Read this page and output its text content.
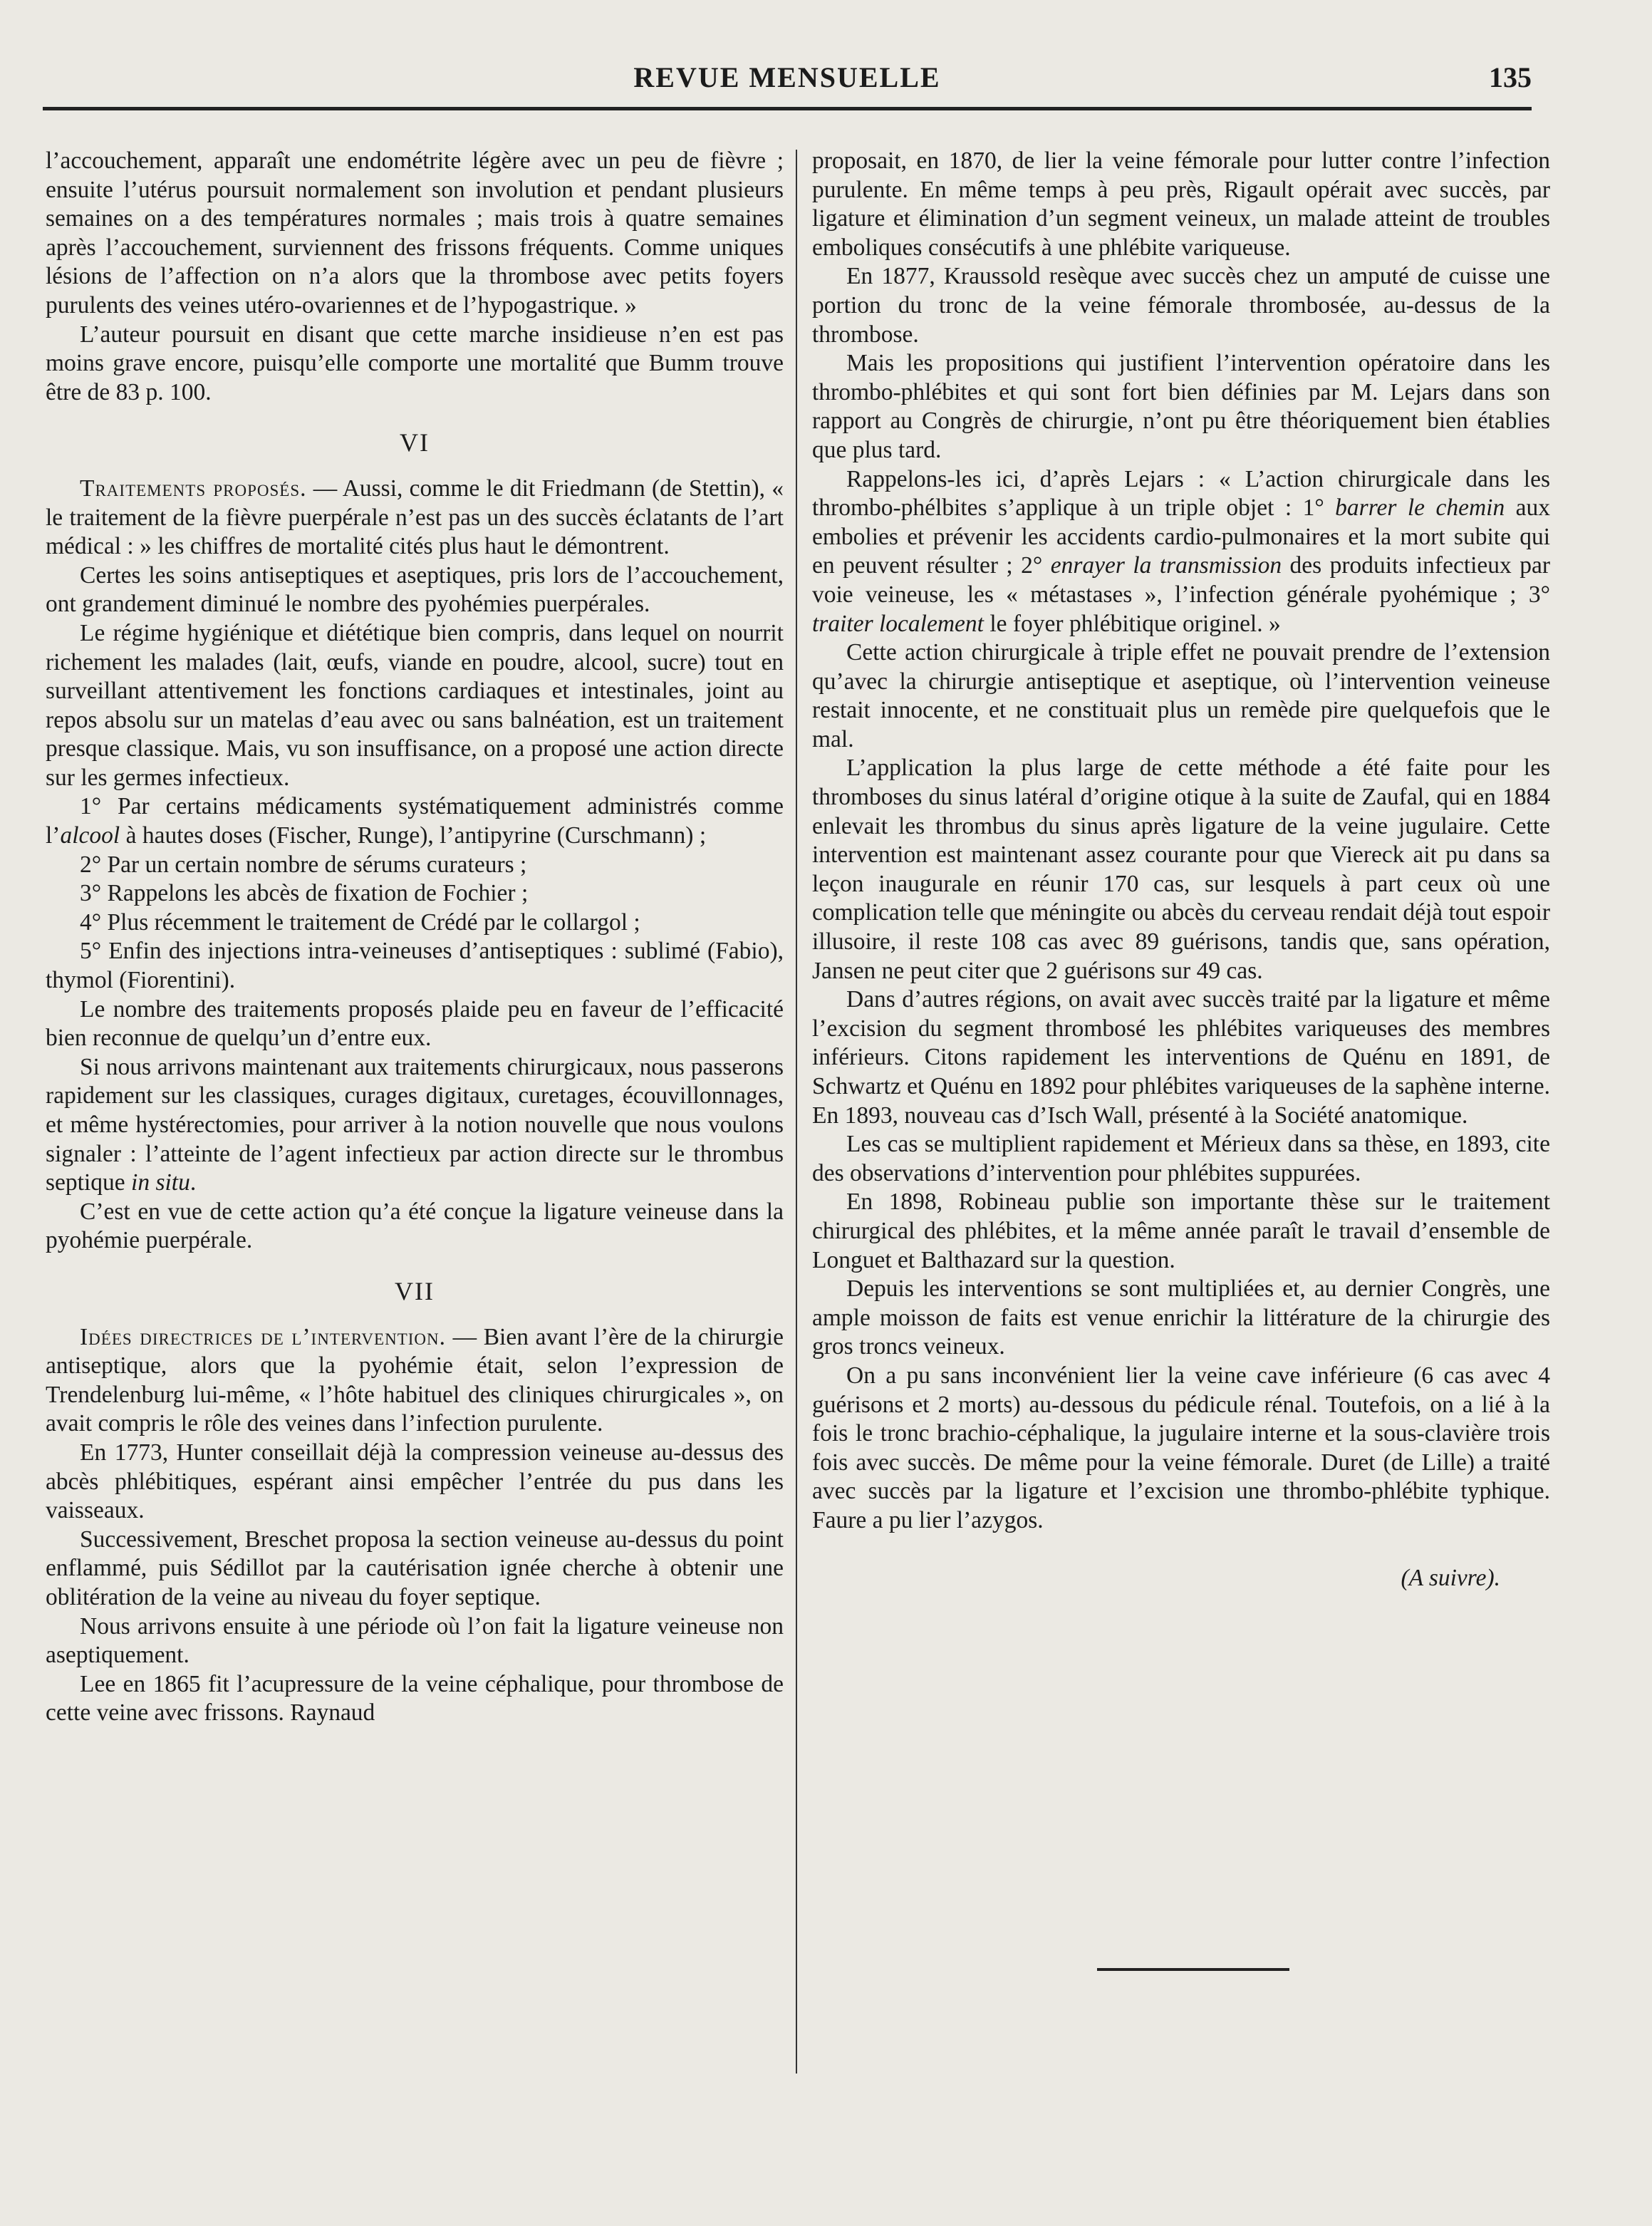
REVUE MENSUELLE	135

l’accouchement, apparaît une endométrite légère avec un peu de fièvre ; ensuite l’utérus poursuit normalement son involution et pendant plusieurs semaines on a des températures normales ; mais trois à quatre semaines après l’accouchement, surviennent des frissons fréquents. Comme uniques lésions de l’affection on n’a alors que la thrombose avec petits foyers purulents des veines utéro-ovariennes et de l’hypogastrique. »

L’auteur poursuit en disant que cette marche insidieuse n’en est pas moins grave encore, puisqu’elle comporte une mortalité que Bumm trouve être de 83 p. 100.

VI

Traitements proposés. — Aussi, comme le dit Friedmann (de Stettin), « le traitement de la fièvre puerpérale n’est pas un des succès éclatants de l’art médical : » les chiffres de mortalité cités plus haut le démontrent.

Certes les soins antiseptiques et aseptiques, pris lors de l’accouchement, ont grandement diminué le nombre des pyohémies puerpérales.

Le régime hygiénique et diététique bien compris, dans lequel on nourrit richement les malades (lait, œufs, viande en poudre, alcool, sucre) tout en surveillant attentivement les fonctions cardiaques et intestinales, joint au repos absolu sur un matelas d’eau avec ou sans balnéation, est un traitement presque classique. Mais, vu son insuffisance, on a proposé une action directe sur les germes infectieux.

1° Par certains médicaments systématiquement administrés comme l’alcool à hautes doses (Fischer, Runge), l’antipyrine (Curschmann) ;

2° Par un certain nombre de sérums curateurs ;

3° Rappelons les abcès de fixation de Fochier ;

4° Plus récemment le traitement de Crédé par le collargol ;

5° Enfin des injections intra-veineuses d’antiseptiques : sublimé (Fabio), thymol (Fiorentini).

Le nombre des traitements proposés plaide peu en faveur de l’efficacité bien reconnue de quelqu’un d’entre eux.

Si nous arrivons maintenant aux traitements chirurgicaux, nous passerons rapidement sur les classiques, curages digitaux, curetages, écouvillonnages, et même hystérectomies, pour arriver à la notion nouvelle que nous voulons signaler : l’atteinte de l’agent infectieux par action directe sur le thrombus septique in situ.

C’est en vue de cette action qu’a été conçue la ligature veineuse dans la pyohémie puerpérale.

VII

Idées directrices de l’intervention. — Bien avant l’ère de la chirurgie antiseptique, alors que la pyohémie était, selon l’expression de Trendelenburg lui-même, « l’hôte habituel des cliniques chirurgicales », on avait compris le rôle des veines dans l’infection purulente.

En 1773, Hunter conseillait déjà la compression veineuse au-dessus des abcès phlébitiques, espérant ainsi empêcher l’entrée du pus dans les vaisseaux.

Successivement, Breschet proposa la section veineuse au-dessus du point enflammé, puis Sédillot par la cautérisation ignée cherche à obtenir une oblitération de la veine au niveau du foyer septique.

Nous arrivons ensuite à une période où l’on fait la ligature veineuse non aseptiquement.

Lee en 1865 fit l’acupressure de la veine céphalique, pour thrombose de cette veine avec frissons. Raynaud

proposait, en 1870, de lier la veine fémorale pour lutter contre l’infection purulente. En même temps à peu près, Rigault opérait avec succès, par ligature et élimination d’un segment veineux, un malade atteint de troubles emboliques consécutifs à une phlébite variqueuse.

En 1877, Kraussold resèque avec succès chez un amputé de cuisse une portion du tronc de la veine fémorale thrombosée, au-dessus de la thrombose.

Mais les propositions qui justifient l’intervention opératoire dans les thrombo-phlébites et qui sont fort bien définies par M. Lejars dans son rapport au Congrès de chirurgie, n’ont pu être théoriquement bien établies que plus tard.

Rappelons-les ici, d’après Lejars : « L’action chirurgicale dans les thrombo-phélbites s’applique à un triple objet : 1° barrer le chemin aux embolies et prévenir les accidents cardio-pulmonaires et la mort subite qui en peuvent résulter ; 2° enrayer la transmission des produits infectieux par voie veineuse, les « métastases », l’infection générale pyohémique ; 3° traiter localement le foyer phlébitique originel. »

Cette action chirurgicale à triple effet ne pouvait prendre de l’extension qu’avec la chirurgie antiseptique et aseptique, où l’intervention veineuse restait innocente, et ne constituait plus un remède pire quelquefois que le mal.

L’application la plus large de cette méthode a été faite pour les thromboses du sinus latéral d’origine otique à la suite de Zaufal, qui en 1884 enlevait les thrombus du sinus après ligature de la veine jugulaire. Cette intervention est maintenant assez courante pour que Viereck ait pu dans sa leçon inaugurale en réunir 170 cas, sur lesquels à part ceux où une complication telle que méningite ou abcès du cerveau rendait déjà tout espoir illusoire, il reste 108 cas avec 89 guérisons, tandis que, sans opération, Jansen ne peut citer que 2 guérisons sur 49 cas.

Dans d’autres régions, on avait avec succès traité par la ligature et même l’excision du segment thrombosé les phlébites variqueuses des membres inférieurs. Citons rapidement les interventions de Quénu en 1891, de Schwartz et Quénu en 1892 pour phlébites variqueuses de la saphène interne. En 1893, nouveau cas d’Isch Wall, présenté à la Société anatomique.

Les cas se multiplient rapidement et Mérieux dans sa thèse, en 1893, cite des observations d’intervention pour phlébites suppurées.

En 1898, Robineau publie son importante thèse sur le traitement chirurgical des phlébites, et la même année paraît le travail d’ensemble de Longuet et Balthazard sur la question.

Depuis les interventions se sont multipliées et, au dernier Congrès, une ample moisson de faits est venue enrichir la littérature de la chirurgie des gros troncs veineux.

On a pu sans inconvénient lier la veine cave inférieure (6 cas avec 4 guérisons et 2 morts) au-dessous du pédicule rénal. Toutefois, on a lié à la fois le tronc brachio-céphalique, la jugulaire interne et la sous-clavière trois fois avec succès. De même pour la veine fémorale. Duret (de Lille) a traité avec succès par la ligature et l’excision une thrombo-phlébite typhique. Faure a pu lier l’azygos.

(A suivre).
